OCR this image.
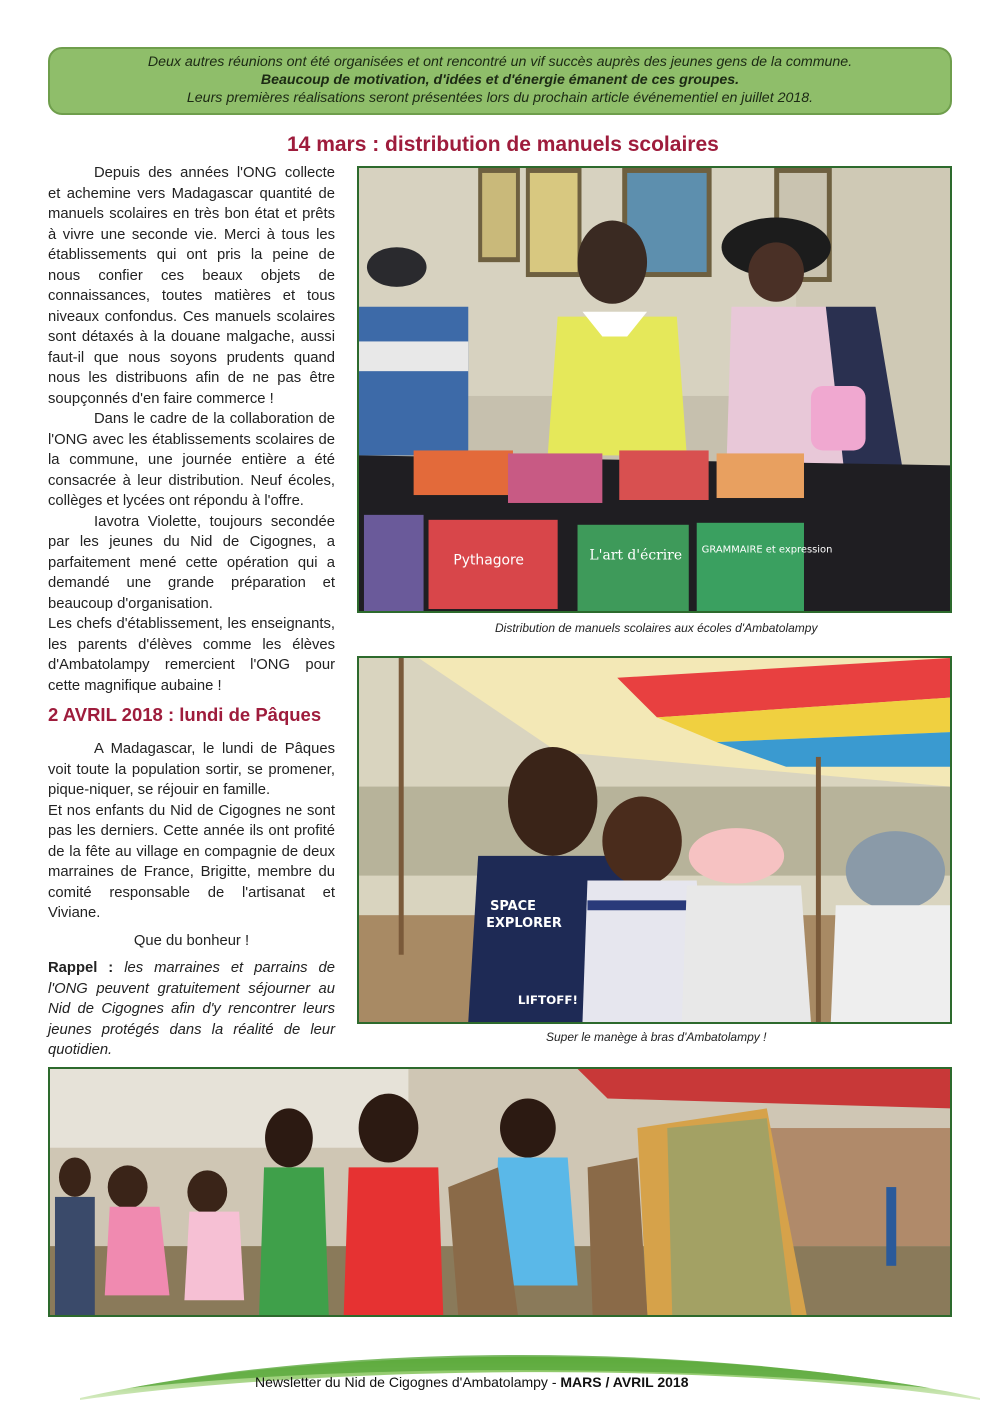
Deux autres réunions ont été organisées et ont rencontré un vif succès auprès des jeunes gens de la commune.
Beaucoup de motivation, d'idées et d'énergie émanent de ces groupes.
Leurs premières réalisations seront présentées lors du prochain article événementiel en juillet 2018.
14 mars : distribution de manuels scolaires

Depuis des années l'ONG collecte et achemine vers Madagascar quantité de manuels scolaires en très bon état et prêts à vivre une seconde vie. Merci à tous les établissements qui ont pris la peine de nous confier ces beaux objets de connaissances, toutes matières et tous niveaux confondus. Ces manuels scolaires sont détaxés à la douane malgache, aussi faut-il que nous soyons prudents quand nous les distribuons afin de ne pas être soupçonnés d'en faire commerce !

Dans le cadre de la collaboration de l'ONG avec les établissements scolaires de la commune, une journée entière a été consacrée à leur distribution. Neuf écoles, collèges et lycées ont répondu à l'offre.

Iavotra Violette, toujours secondée par les jeunes du Nid de Cigognes, a parfaitement mené cette opération qui a demandé une grande préparation et beaucoup d'organisation.

Les chefs d'établissement, les enseignants, les parents d'élèves comme les élèves d'Ambatolampy remercient l'ONG pour cette magnifique aubaine !

Pythagore	L'art d'écrire GRAMMAIRE et expression
Distribution de manuels scolaires aux écoles d'Ambatolampy
2 AVRIL 2018 : lundi de Pâques

A Madagascar, le lundi de Pâques voit toute la population sortir, se promener, pique-niquer, se réjouir en famille.

Et nos enfants du Nid de Cigognes ne sont pas les derniers. Cette année ils ont profité de la fête au village en compagnie de deux marraines de France, Brigitte, membre du comité responsable de l'artisanat et Viviane.

Que du bonheur !

Rappel : les marraines et parrains de l'ONG peuvent gratuitement séjourner au Nid de Cigognes afin d'y rencontrer leurs jeunes protégés dans la réalité de leur quotidien.

SPACE
EXPLORER
LIFTOFF!
Super le manège à bras d'Ambatolampy !
Newsletter du Nid de Cigognes d'Ambatolampy - MARS / AVRIL 2018
